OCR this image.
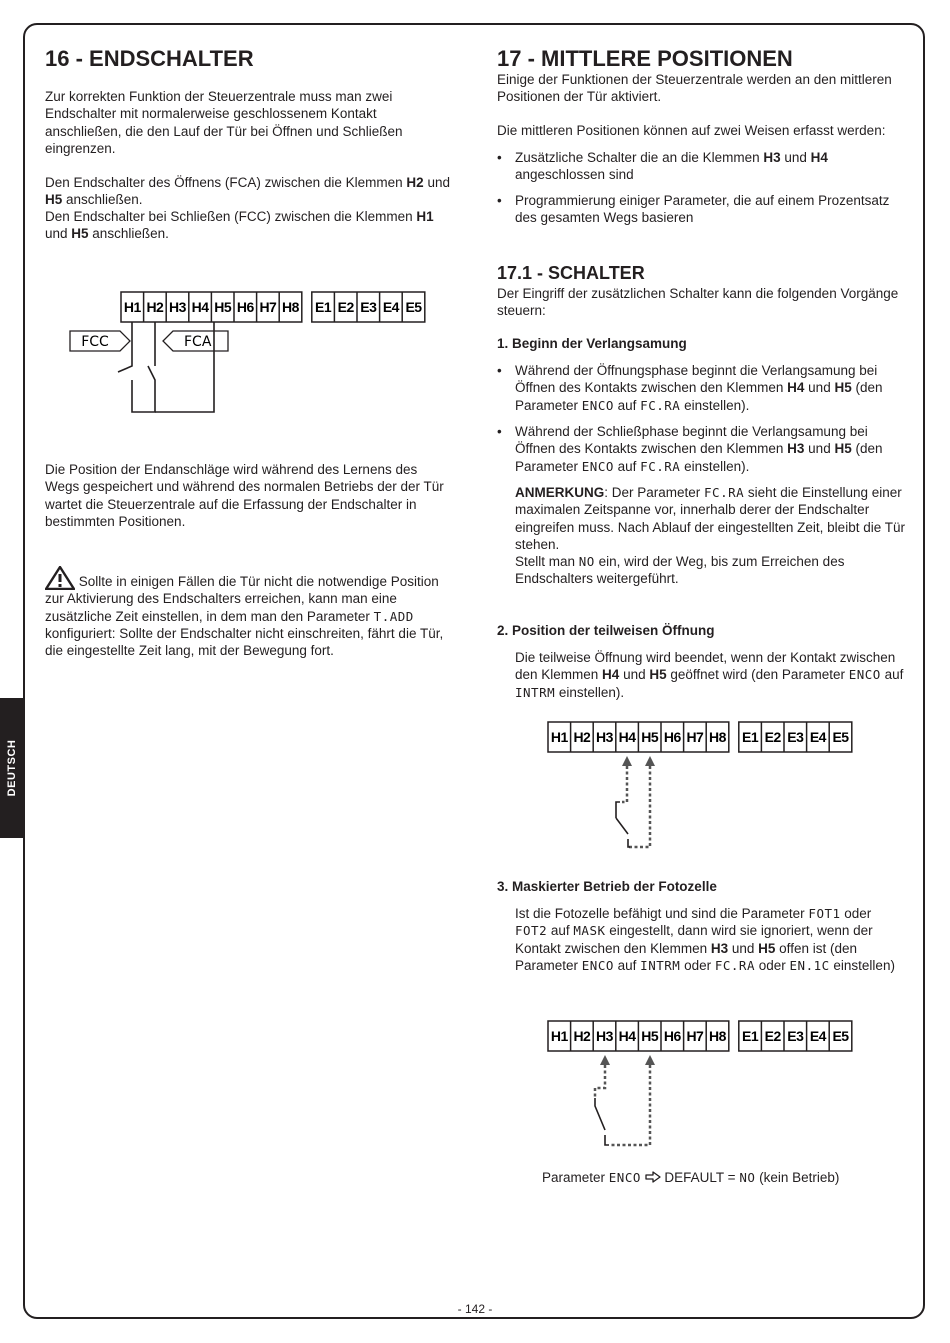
DEUTSCH
16 - ENDSCHALTER

Zur korrekten Funktion der Steuerzentrale muss man zwei Endschalter mit normalerweise geschlossenem Kontakt anschließen, die den Lauf der Tür bei Öffnen und Schließen eingrenzen.

Den Endschalter des Öffnens (FCA) zwischen die Klemmen H2 und H5 anschließen.

Den Endschalter bei Schließen (FCC) zwischen die Klemmen H1 und H5 anschließen.

H1 H2 H3 H4 H5 H6 H7 H8 E1 E2 E3 E4 E5
FCC	FCA

Die Position der Endanschläge wird während des Lernens des Wegs gespeichert und während des normalen Betriebs der der Tür wartet die Steuerzentrale auf die Erfassung der Endschalter in bestimmten Positionen.

Sollte in einigen Fällen die Tür nicht die notwendige Position zur Aktivierung des Endschalters erreichen, kann man eine zusätzliche Zeit einstellen, in dem man den Parameter T.ADD konfiguriert: Sollte der Endschalter nicht einschreiten, fährt die Tür, die eingestellte Zeit lang, mit der Bewegung fort.

17 - MITTLERE POSITIONEN

Einige der Funktionen der Steuerzentrale werden an den mittleren Positionen der Tür aktiviert.

Die mittleren Positionen können auf zwei Weisen erfasst werden:

• Zusätzliche Schalter die an die Klemmen H3 und H4 angeschlossen sind
• Programmierung einiger Parameter, die auf einem Prozentsatz des gesamten Wegs basieren
17.1 - SCHALTER

Der Eingriff der zusätzlichen Schalter kann die folgenden Vorgänge steuern:

1. Beginn der Verlangsamung
• Während der Öffnungsphase beginnt die Verlangsamung bei Öffnen des Kontakts zwischen den Klemmen H4 und H5 (den Parameter ENCO auf FC.RA einstellen).
• Während der Schließphase beginnt die Verlangsamung bei Öffnen des Kontakts zwischen den Klemmen H3 und H5 (den Parameter ENCO auf FC.RA einstellen).

ANMERKUNG: Der Parameter FC.RA sieht die Einstellung einer maximalen Zeitspanne vor, innerhalb derer der Endschalter eingreifen muss. Nach Ablauf der eingestellten Zeit, bleibt die Tür stehen.
Stellt man NO ein, wird der Weg, bis zum Erreichen des Endschalters weitergeführt.

2. Position der teilweisen Öffnung

Die teilweise Öffnung wird beendet, wenn der Kontakt zwischen den Klemmen H4 und H5 geöffnet wird (den Parameter ENCO auf INTRM einstellen).

H1 H2 H3 H4 H5 H6 H7 H8 E1 E2 E3 E4 E5
3. Maskierter Betrieb der Fotozelle

Ist die Fotozelle befähigt und sind die Parameter FOT1 oder FOT2 auf MASK eingestellt, dann wird sie ignoriert, wenn der Kontakt zwischen den Klemmen H3 und H5 offen ist (den Parameter ENCO auf INTRM oder FC.RA oder EN.1C einstellen)

H1 H2 H3 H4 H5 H6 H7 H8 E1 E2 E3 E4 E5

Parameter ENCO  DEFAULT = NO (kein Betrieb)

- 142 -
